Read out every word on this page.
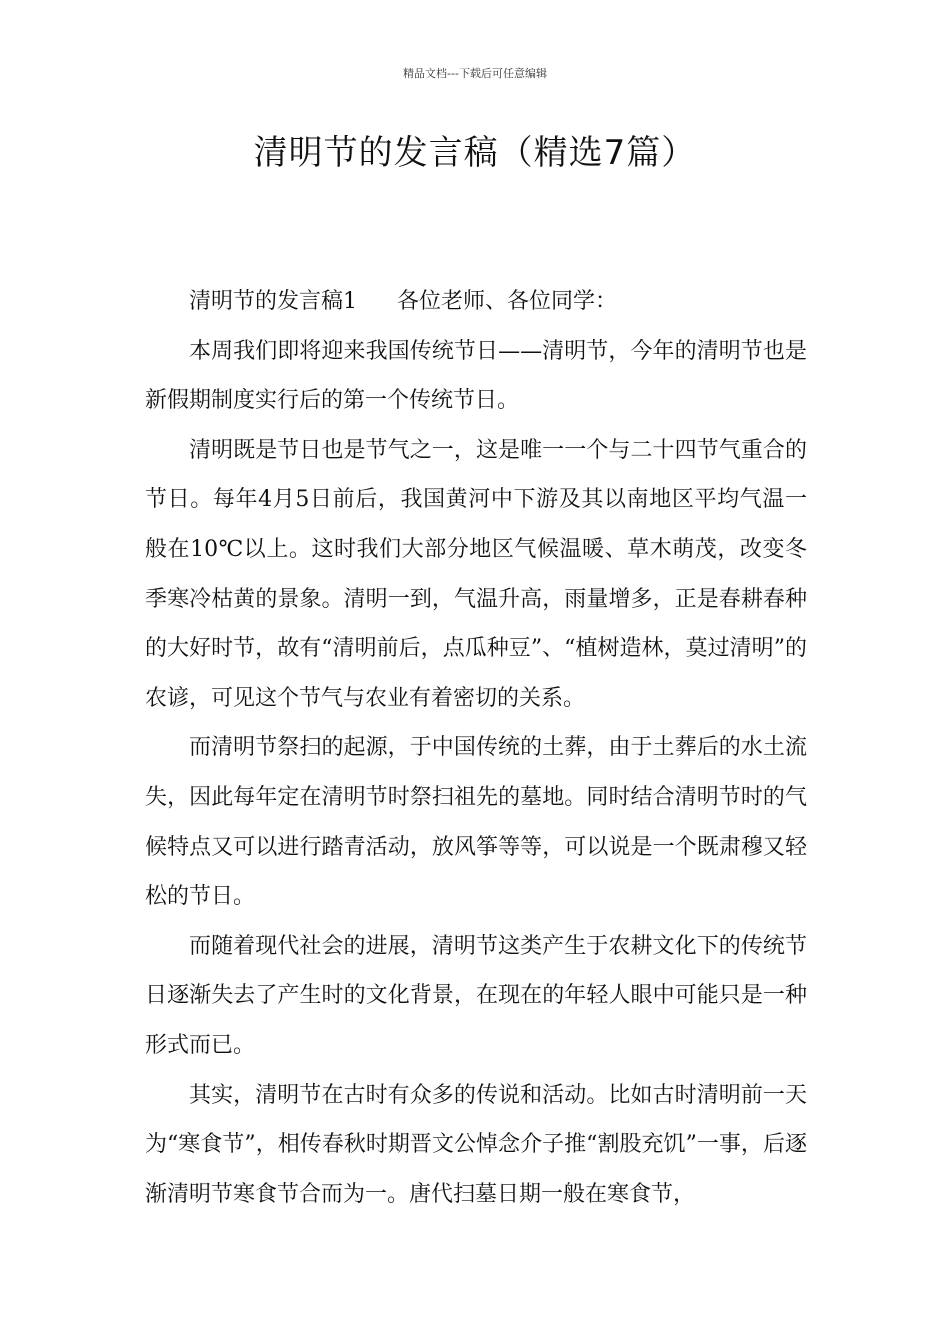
精品文档---下载后可任意编辑
清明节的发言稿（精选7篇）

清明节的发言稿1 各位老师、各位同学：

本周我们即将迎来我国传统节日——清明节，今年的清明节也是新假期制度实行后的第一个传统节日。

清明既是节日也是节气之一，这是唯一一个与二十四节气重合的节日。每年4月5日前后，我国黄河中下游及其以南地区平均气温一般在10℃以上。这时我们大部分地区气候温暖、草木萌茂，改变冬季寒冷枯黄的景象。清明一到，气温升高，雨量增多，正是春耕春种的大好时节，故有“清明前后，点瓜种豆”、“植树造林，莫过清明”的农谚，可见这个节气与农业有着密切的关系。

而清明节祭扫的起源，于中国传统的土葬，由于土葬后的水土流失，因此每年定在清明节时祭扫祖先的墓地。同时结合清明节时的气候特点又可以进行踏青活动，放风筝等等，可以说是一个既肃穆又轻松的节日。

而随着现代社会的进展，清明节这类产生于农耕文化下的传统节日逐渐失去了产生时的文化背景，在现在的年轻人眼中可能只是一种形式而已。

其实，清明节在古时有众多的传说和活动。比如古时清明前一天为“寒食节”，相传春秋时期晋文公悼念介子推“割股充饥”一事，后逐渐清明节寒食节合而为一。唐代扫墓日期一般在寒食节，
